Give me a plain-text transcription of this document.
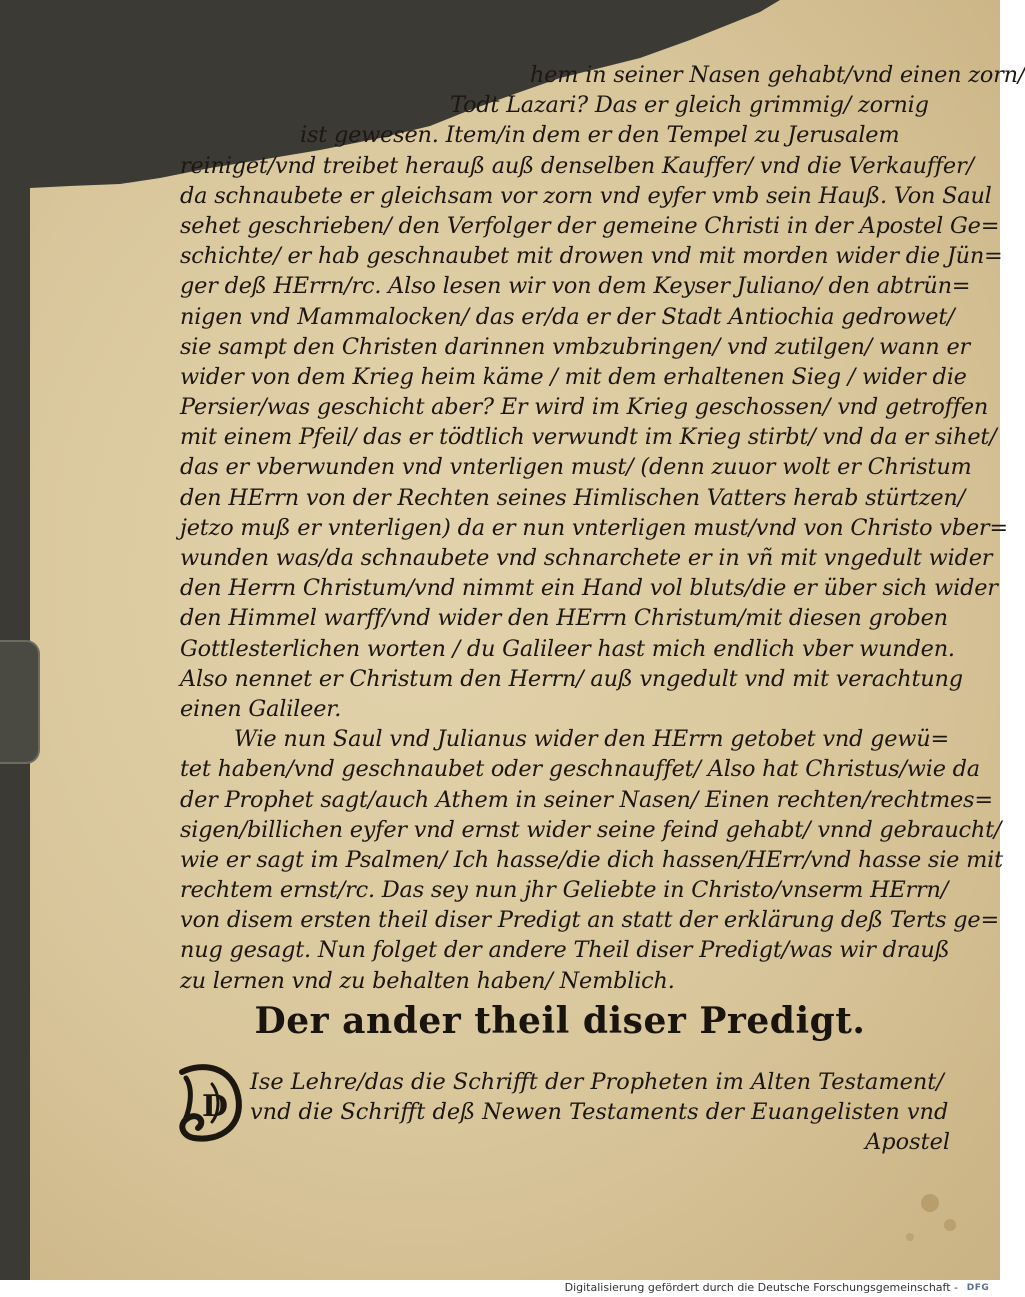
hem in seiner Nasen gehabt/vnd einen zorn/
Todt Lazari? Das er gleich grimmig/ zornig
ist gewesen. Item/in dem er den Tempel zu Jerusalem
reiniget/vnd treibet herauß auß denselben Kauffer/ vnd die Verkauffer/
da schnaubete er gleichsam vor zorn vnd eyfer vmb sein Hauß. Von Saul
sehet geschrieben/ den Verfolger der gemeine Christi in der Apostel Ge=
schichte/ er hab geschnaubet mit drowen vnd mit morden wider die Jün=
ger deß HErrn/rc. Also lesen wir von dem Keyser Juliano/ den abtrün=
nigen vnd Mammalocken/ das er/da er der Stadt Antiochia gedrowet/
sie sampt den Christen darinnen vmbzubringen/ vnd zutilgen/ wann er
wider von dem Krieg heim käme / mit dem erhaltenen Sieg / wider die
Persier/was geschicht aber? Er wird im Krieg geschossen/ vnd getroffen
mit einem Pfeil/ das er tödtlich verwundt im Krieg stirbt/ vnd da er sihet/
das er vberwunden vnd vnterligen must/ (denn zuuor wolt er Christum
den HErrn von der Rechten seines Himlischen Vatters herab stürtzen/
jetzo muß er vnterligen) da er nun vnterligen must/vnd von Christo vber=
wunden was/da schnaubete vnd schnarchete er in vñ mit vngedult wider
den Herrn Christum/vnd nimmt ein Hand vol bluts/die er über sich wider
den Himmel warff/vnd wider den HErrn Christum/mit diesen groben
Gottlesterlichen worten / du Galileer hast mich endlich vber wunden.
Also nennet er Christum den Herrn/ auß vngedult vnd mit verachtung
einen Galileer.
Wie nun Saul vnd Julianus wider den HErrn getobet vnd gewü=
tet haben/vnd geschnaubet oder geschnauffet/ Also hat Christus/wie da
der Prophet sagt/auch Athem in seiner Nasen/ Einen rechten/rechtmes=
sigen/billichen eyfer vnd ernst wider seine feind gehabt/ vnnd gebraucht/
wie er sagt im Psalmen/ Ich hasse/die dich hassen/HErr/vnd hasse sie mit
rechtem ernst/rc. Das sey nun jhr Geliebte in Christo/vnserm HErrn/
von disem ersten theil diser Predigt an statt der erklärung deß Terts ge=
nug gesagt. Nun folget der andere Theil diser Predigt/was wir drauß
zu lernen vnd zu behalten haben/ Nemblich.
Der ander theil diser Predigt.
D
Ise Lehre/das die Schrifft der Propheten im Alten Testament/
vnd die Schrifft deß Newen Testaments der Euangelisten vnd
Apostel
Digitalisierung gefördert durch die Deutsche Forschungsgemeinschaft - DFG
